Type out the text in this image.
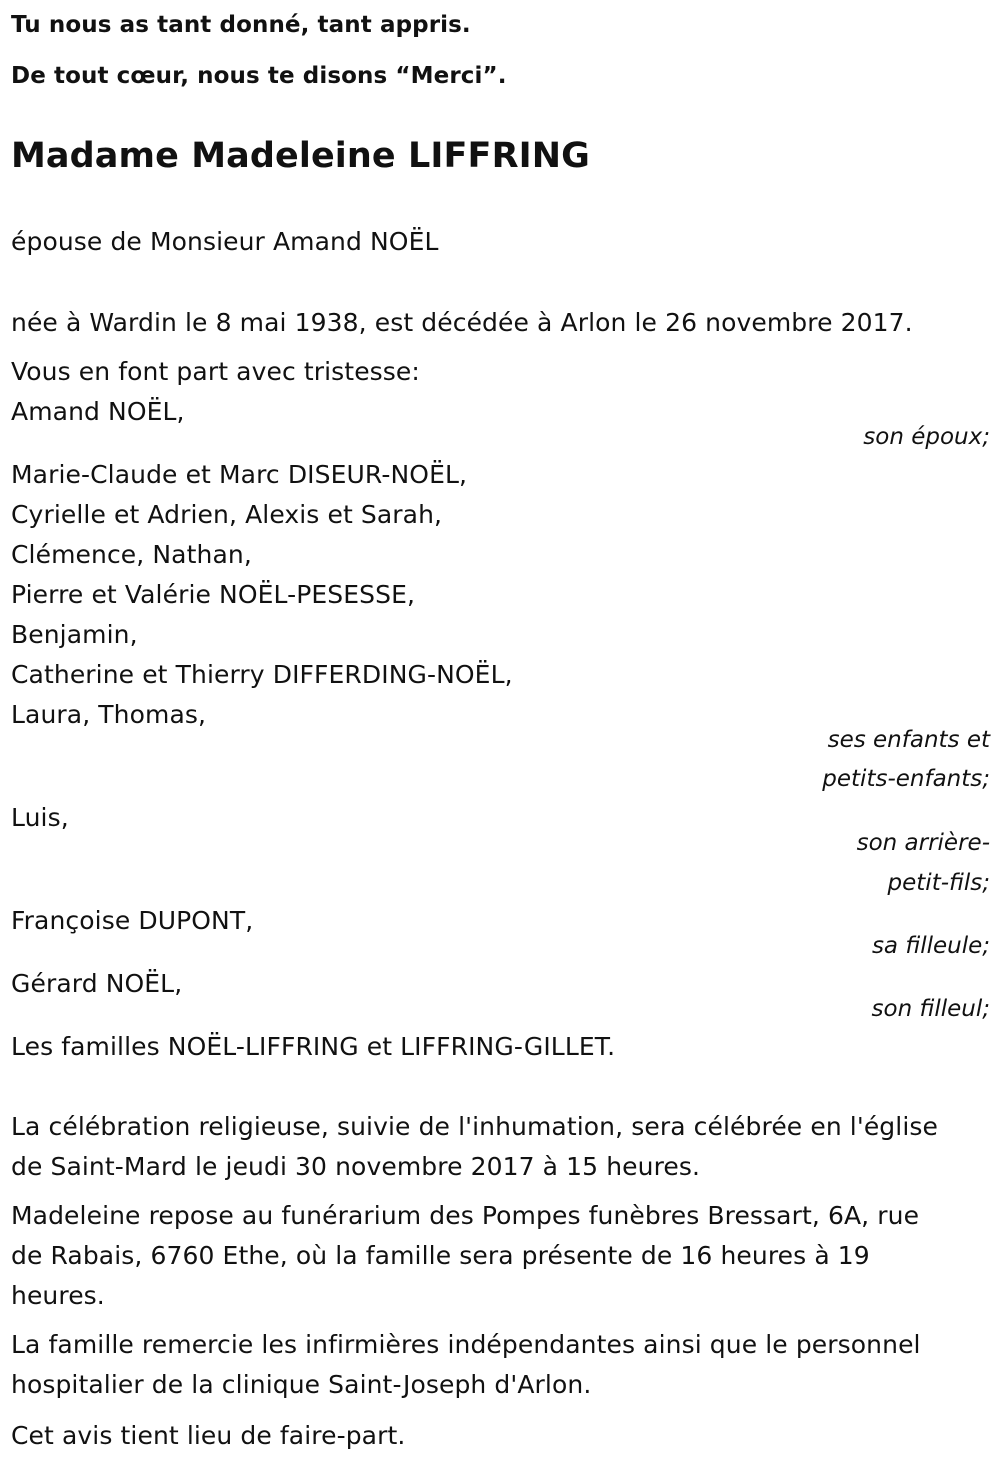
Tu nous as tant donné, tant appris.

De tout cœur, nous te disons “Merci”.

Madame Madeleine LIFFRING

épouse de Monsieur Amand NOËL

née à Wardin le 8 mai 1938, est décédée à Arlon le 26 novembre 2017.

Vous en font part avec tristesse:

Amand NOËL,

son époux;

Marie-Claude et Marc DISEUR-NOËL,

Cyrielle et Adrien, Alexis et Sarah,

Clémence, Nathan,

Pierre et Valérie NOËL-PESESSE,

Benjamin,

Catherine et Thierry DIFFERDING-NOËL,

Laura, Thomas,

ses enfants et

petits-enfants;

Luis,

son arrière-

petit-fils;

Françoise DUPONT,

sa filleule;

Gérard NOËL,

son filleul;

Les familles NOËL-LIFFRING et LIFFRING-GILLET.

La célébration religieuse, suivie de l'inhumation, sera célébrée en l'église

de Saint-Mard le jeudi 30 novembre 2017 à 15 heures.

Madeleine repose au funérarium des Pompes funèbres Bressart, 6A, rue

de Rabais, 6760 Ethe, où la famille sera présente de 16 heures à 19

heures.

La famille remercie les infirmières indépendantes ainsi que le personnel

hospitalier de la clinique Saint-Joseph d'Arlon.

Cet avis tient lieu de faire-part.
